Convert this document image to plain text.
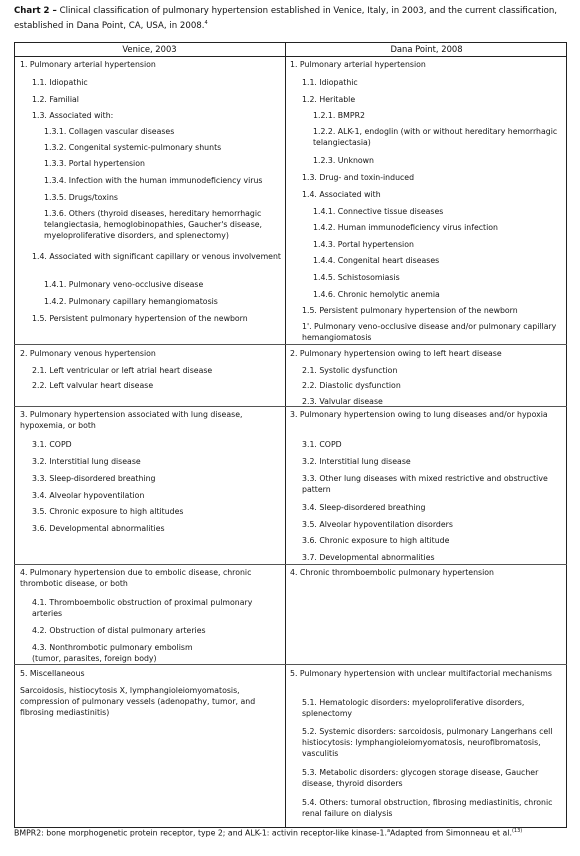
Chart 2 – Clinical classification of pulmonary hypertension established in Venice, Italy, in 2003, and the current classification, established in Dana Point, CA, USA, in 2008.$^4$
Venice, 2003	Dana Point, 2008
1. Pulmonary arterial hypertension
1.1. Idiopathic
1.2. Familial
1.3. Associated with:
1.3.1. Collagen vascular diseases
1.3.2. Congenital systemic-pulmonary shunts
1.3.3. Portal hypertension
1.3.4. Infection with the human immunodeficiency virus
1.3.5. Drugs/toxins
1.3.6. Others (thyroid diseases, hereditary hemorrhagic telangiectasia, hemoglobinopathies, Gaucher's disease, myeloproliferative disorders, and splenectomy)
1.4. Associated with significant capillary or venous involvement
1.4.1. Pulmonary veno-occlusive disease
1.4.2. Pulmonary capillary hemangiomatosis
1.5. Persistent pulmonary hypertension of the newborn
2. Pulmonary venous hypertension
2.1. Left ventricular or left atrial heart disease
2.2. Left valvular heart disease
3. Pulmonary hypertension associated with lung disease, hypoxemia, or both
3.1. COPD
3.2. Interstitial lung disease
3.3. Sleep-disordered breathing
3.4. Alveolar hypoventilation
3.5. Chronic exposure to high altitudes
3.6. Developmental abnormalities
4. Pulmonary hypertension due to embolic disease, chronic thrombotic disease, or both
4.1. Thromboembolic obstruction of proximal pulmonary arteries
4.2. Obstruction of distal pulmonary arteries
4.3. Nonthrombotic pulmonary embolism (tumor, parasites, foreign body)
5. Miscellaneous
Sarcoidosis, histiocytosis X, lymphangioleiomyomatosis, compression of pulmonary vessels (adenopathy, tumor, and fibrosing mediastinitis)
1. Pulmonary arterial hypertension
1.1. Idiopathic
1.2. Heritable
1.2.1. BMPR2
1.2.2. ALK-1, endoglin (with or without hereditary hemorrhagic telangiectasia)
1.2.3. Unknown
1.3. Drug- and toxin-induced
1.4. Associated with
1.4.1. Connective tissue diseases
1.4.2. Human immunodeficiency virus infection
1.4.3. Portal hypertension
1.4.4. Congenital heart diseases
1.4.5. Schistosomiasis
1.4.6. Chronic hemolytic anemia
1.5. Persistent pulmonary hypertension of the newborn
1'. Pulmonary veno-occlusive disease and/or pulmonary capillary hemangiomatosis
2. Pulmonary hypertension owing to left heart disease
2.1. Systolic dysfunction
2.2. Diastolic dysfunction
2.3. Valvular disease
3. Pulmonary hypertension owing to lung diseases and/or hypoxia
3.1. COPD
3.2. Interstitial lung disease
3.3. Other lung diseases with mixed restrictive and obstructive pattern
3.4. Sleep-disordered breathing
3.5. Alveolar hypoventilation disorders
3.6. Chronic exposure to high altitude
3.7. Developmental abnormalities
4. Chronic thromboembolic pulmonary hypertension
5. Pulmonary hypertension with unclear multifactorial mechanisms
5.1. Hematologic disorders: myeloproliferative disorders, splenectomy
5.2. Systemic disorders: sarcoidosis, pulmonary Langerhans cell histiocytosis: lymphangioleiomyomatosis, neurofibromatosis, vasculitis
5.3. Metabolic disorders: glycogen storage disease, Gaucher disease, thyroid disorders
5.4. Others: tumoral obstruction, fibrosing mediastinitis, chronic renal failure on dialysis
BMPR2: bone morphogenetic protein receptor, type 2; and ALK-1: activin receptor-like kinase-1.$^a$Adapted from Simonneau et al.$^{(13)}$
